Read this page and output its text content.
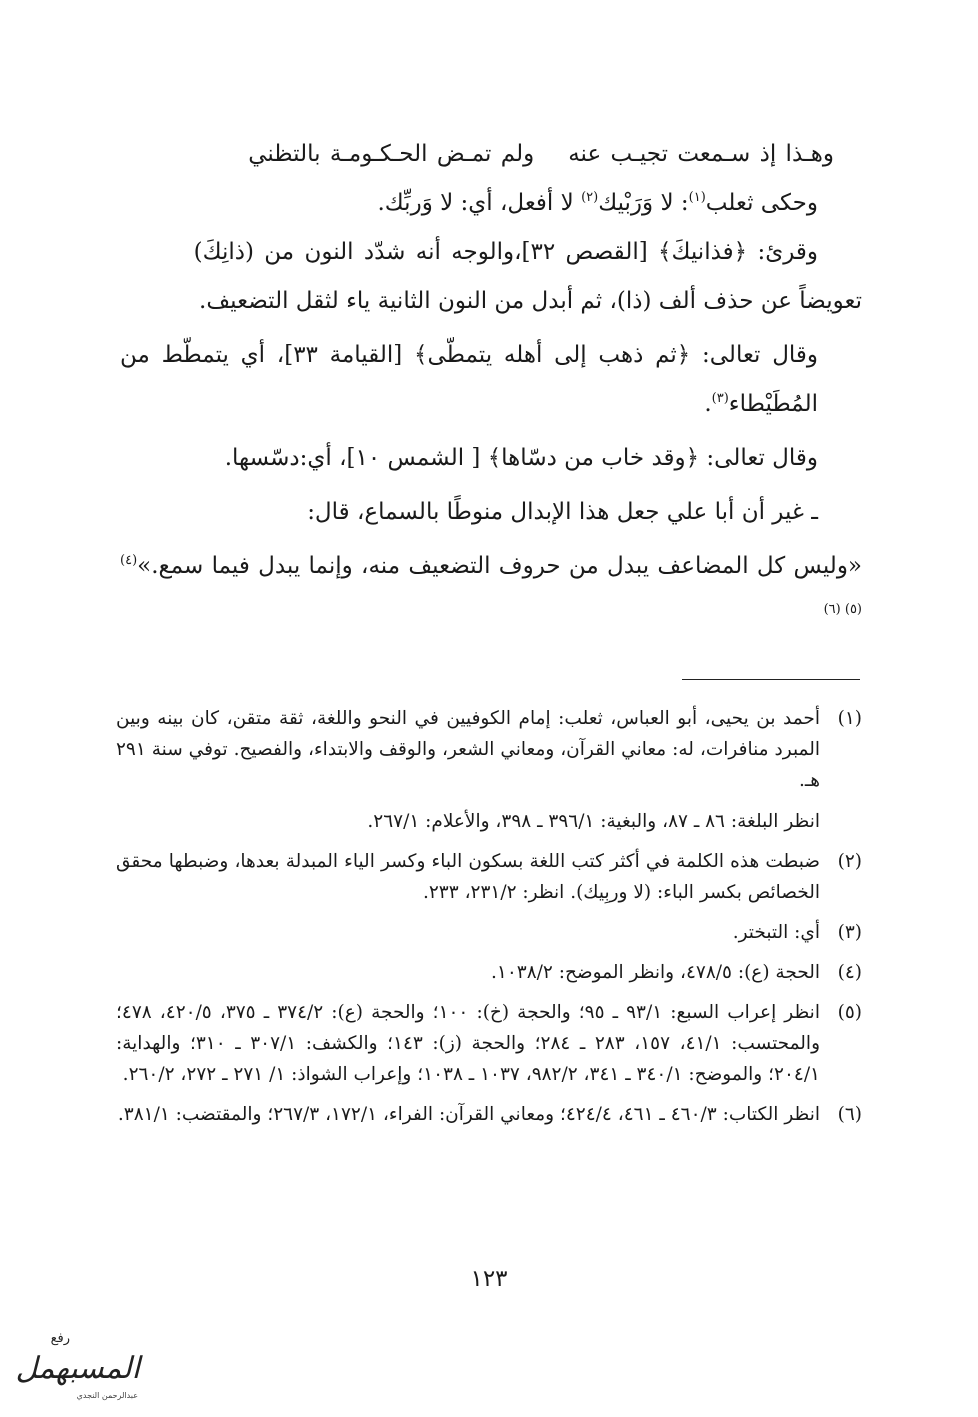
وهـذا إذ سـمعت تجيـب عنهولم تمـض الحـكـومـة بالتظني
وحكى ثعلب$^{(١)}$: لا وَرَبْيك$^{(٢)}$ لا أفعل، أي: لا وَربِّك.
وقرئ: ﴿فذانيكَ﴾ [القصص ٣٢]،والوجه أنه شدّد النون من (ذانِكَ)
تعويضاً عن حذف ألف (ذا)، ثم أبدل من النون الثانية ياء لثقل التضعيف.
وقال تعالى: ﴿ثم ذهب إلى أهله يتمطّى﴾ [القيامة ٣٣]، أي يتمطّط من المُطَيْطاء$^{(٣)}$.
وقال تعالى: ﴿وقد خاب من دسّاها﴾ [ الشمس ١٠]، أي:دسّسها.
ـ غير أن أبا علي جعل هذا الإبدال منوطًا بالسماع، قال:
«وليس كل المضاعف يبدل من حروف التضعيف منه، وإنما يبدل فيما سمع.»$^{(٤) (٥) (٦)}$
(١)

أحمد بن يحيى، أبو العباس، ثعلب: إمام الكوفيين في النحو واللغة، ثقة متقن، كان بينه وبين المبرد منافرات، له: معاني القرآن، ومعاني الشعر، والوقف والابتداء، والفصيح. توفي سنة ٢٩١ هـ.

انظر البلغة: ٨٦ ـ ٨٧، والبغية: ٣٩٦/١ ـ ٣٩٨، والأعلام: ٢٦٧/١.

(٢)

ضبطت هذه الكلمة في أكثر كتب اللغة بسكون الباء وكسر الياء المبدلة بعدها، وضبطها محقق الخصائص بكسر الباء: (لا وربِيك). انظر: ٢٣١/٢، ٢٣٣.

(٣)

أي: التبختر.

(٤)

الحجة (ع): ٤٧٨/٥، وانظر الموضح: ١٠٣٨/٢.

(٥)

انظر إعراب السبع: ٩٣/١ ـ ٩٥؛ والحجة (خ): ١٠٠؛ والحجة (ع): ٣٧٤/٢ ـ ٣٧٥، ٤٢٠/٥، ٤٧٨؛ والمحتسب: ٤١/١، ١٥٧، ٢٨٣ ـ ٢٨٤؛ والحجة (ز): ١٤٣؛ والكشف: ٣٠٧/١ ـ ٣١٠؛ والهداية: ٢٠٤/١؛ والموضح: ٣٤٠/١ ـ ٣٤١، ٩٨٢/٢، ١٠٣٧ ـ ١٠٣٨؛ وإعراب الشواذ: ١/ ٢٧١ ـ ٢٧٢، ٢٦٠/٢.

(٦)

انظر الكتاب: ٤٦٠/٣ ـ ٤٦١، ٤٢٤/٤؛ ومعاني القرآن: الفراء، ١٧٢/١، ٢٦٧/٣؛ والمقتضب: ٣٨١/١.

١٢٣
رفع
المسبهمل
عبدالرحمن النجدي
